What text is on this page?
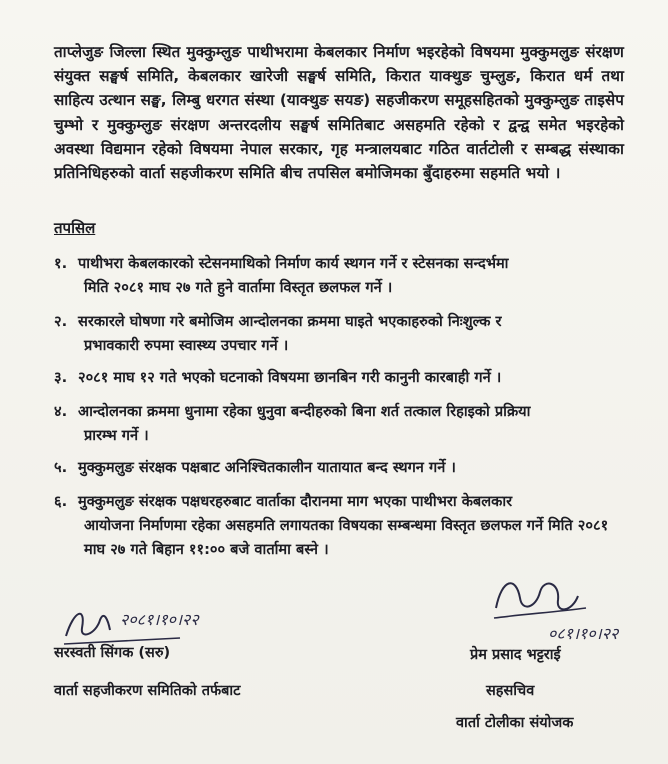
ताप्लेजुङ जिल्ला स्थित मुक्कुम्लुङ पाथीभरामा केबलकार निर्माण भइरहेको विषयमा मुक्कुमलुङ संरक्षण संयुक्त सङ्घर्ष समिति, केबलकार खारेजी सङ्घर्ष समिति, किरात याक्थुङ चुम्लुङ, किरात धर्म तथा साहित्य उत्थान सङ्घ, लिम्बु धरगत संस्था (याक्थुङ सयङ) सहजीकरण समूहसहितको मुक्कुम्लुङ ताइसेप चुम्भो र मुक्कुम्लुङ संरक्षण अन्तरदलीय सङ्घर्ष समितिबाट असहमति रहेको र द्वन्द्व समेत भइरहेको अवस्था विद्यमान रहेको विषयमा नेपाल सरकार, गृह मन्त्रालयबाट गठित वार्तटोली र सम्बद्ध संस्थाका प्रतिनिधिहरुको वार्ता सहजीकरण समिति बीच तपसिल बमोजिमका बुँदाहरुमा सहमति भयो ।
तपसिल
१. पाथीभरा केबलकारको स्टेसनमाथिको निर्माण कार्य स्थगन गर्ने र स्टेसनका सन्दर्भमा
मिति २०८१ माघ २७ गते हुने वार्तामा विस्तृत छलफल गर्ने ।
२. सरकारले घोषणा गरे बमोजिम आन्दोलनका क्रममा घाइते भएकाहरुको निःशुल्क र
प्रभावकारी रुपमा स्वास्थ्य उपचार गर्ने ।
३. २०८१ माघ १२ गते भएको घटनाको विषयमा छानबिन गरी कानुनी कारबाही गर्ने ।
४. आन्दोलनका क्रममा धुनामा रहेका धुनुवा बन्दीहरुको बिना शर्त तत्काल रिहाइको प्रक्रिया
प्रारम्भ गर्ने ।
५. मुक्कुमलुङ संरक्षक पक्षबाट अनिश्चितकालीन यातायात बन्द स्थगन गर्ने ।
६. मुक्कुमलुङ संरक्षक पक्षधरहरुबाट वार्ताका दौरानमा माग भएका पाथीभरा केबलकार
आयोजना निर्माणमा रहेका असहमति लगायतका विषयका सम्बन्धमा विस्तृत छलफल गर्ने मिति २०८१ माघ २७ गते बिहान ११:०० बजे वार्तामा बस्ने ।
२०८१।१०।२२
सरस्वती सिंगक (सरु)
वार्ता सहजीकरण समितिको तर्फबाट
०८१।१०।२२
प्रेम प्रसाद भट्टराई
सहसचिव
वार्ता टोलीका संयोजक
